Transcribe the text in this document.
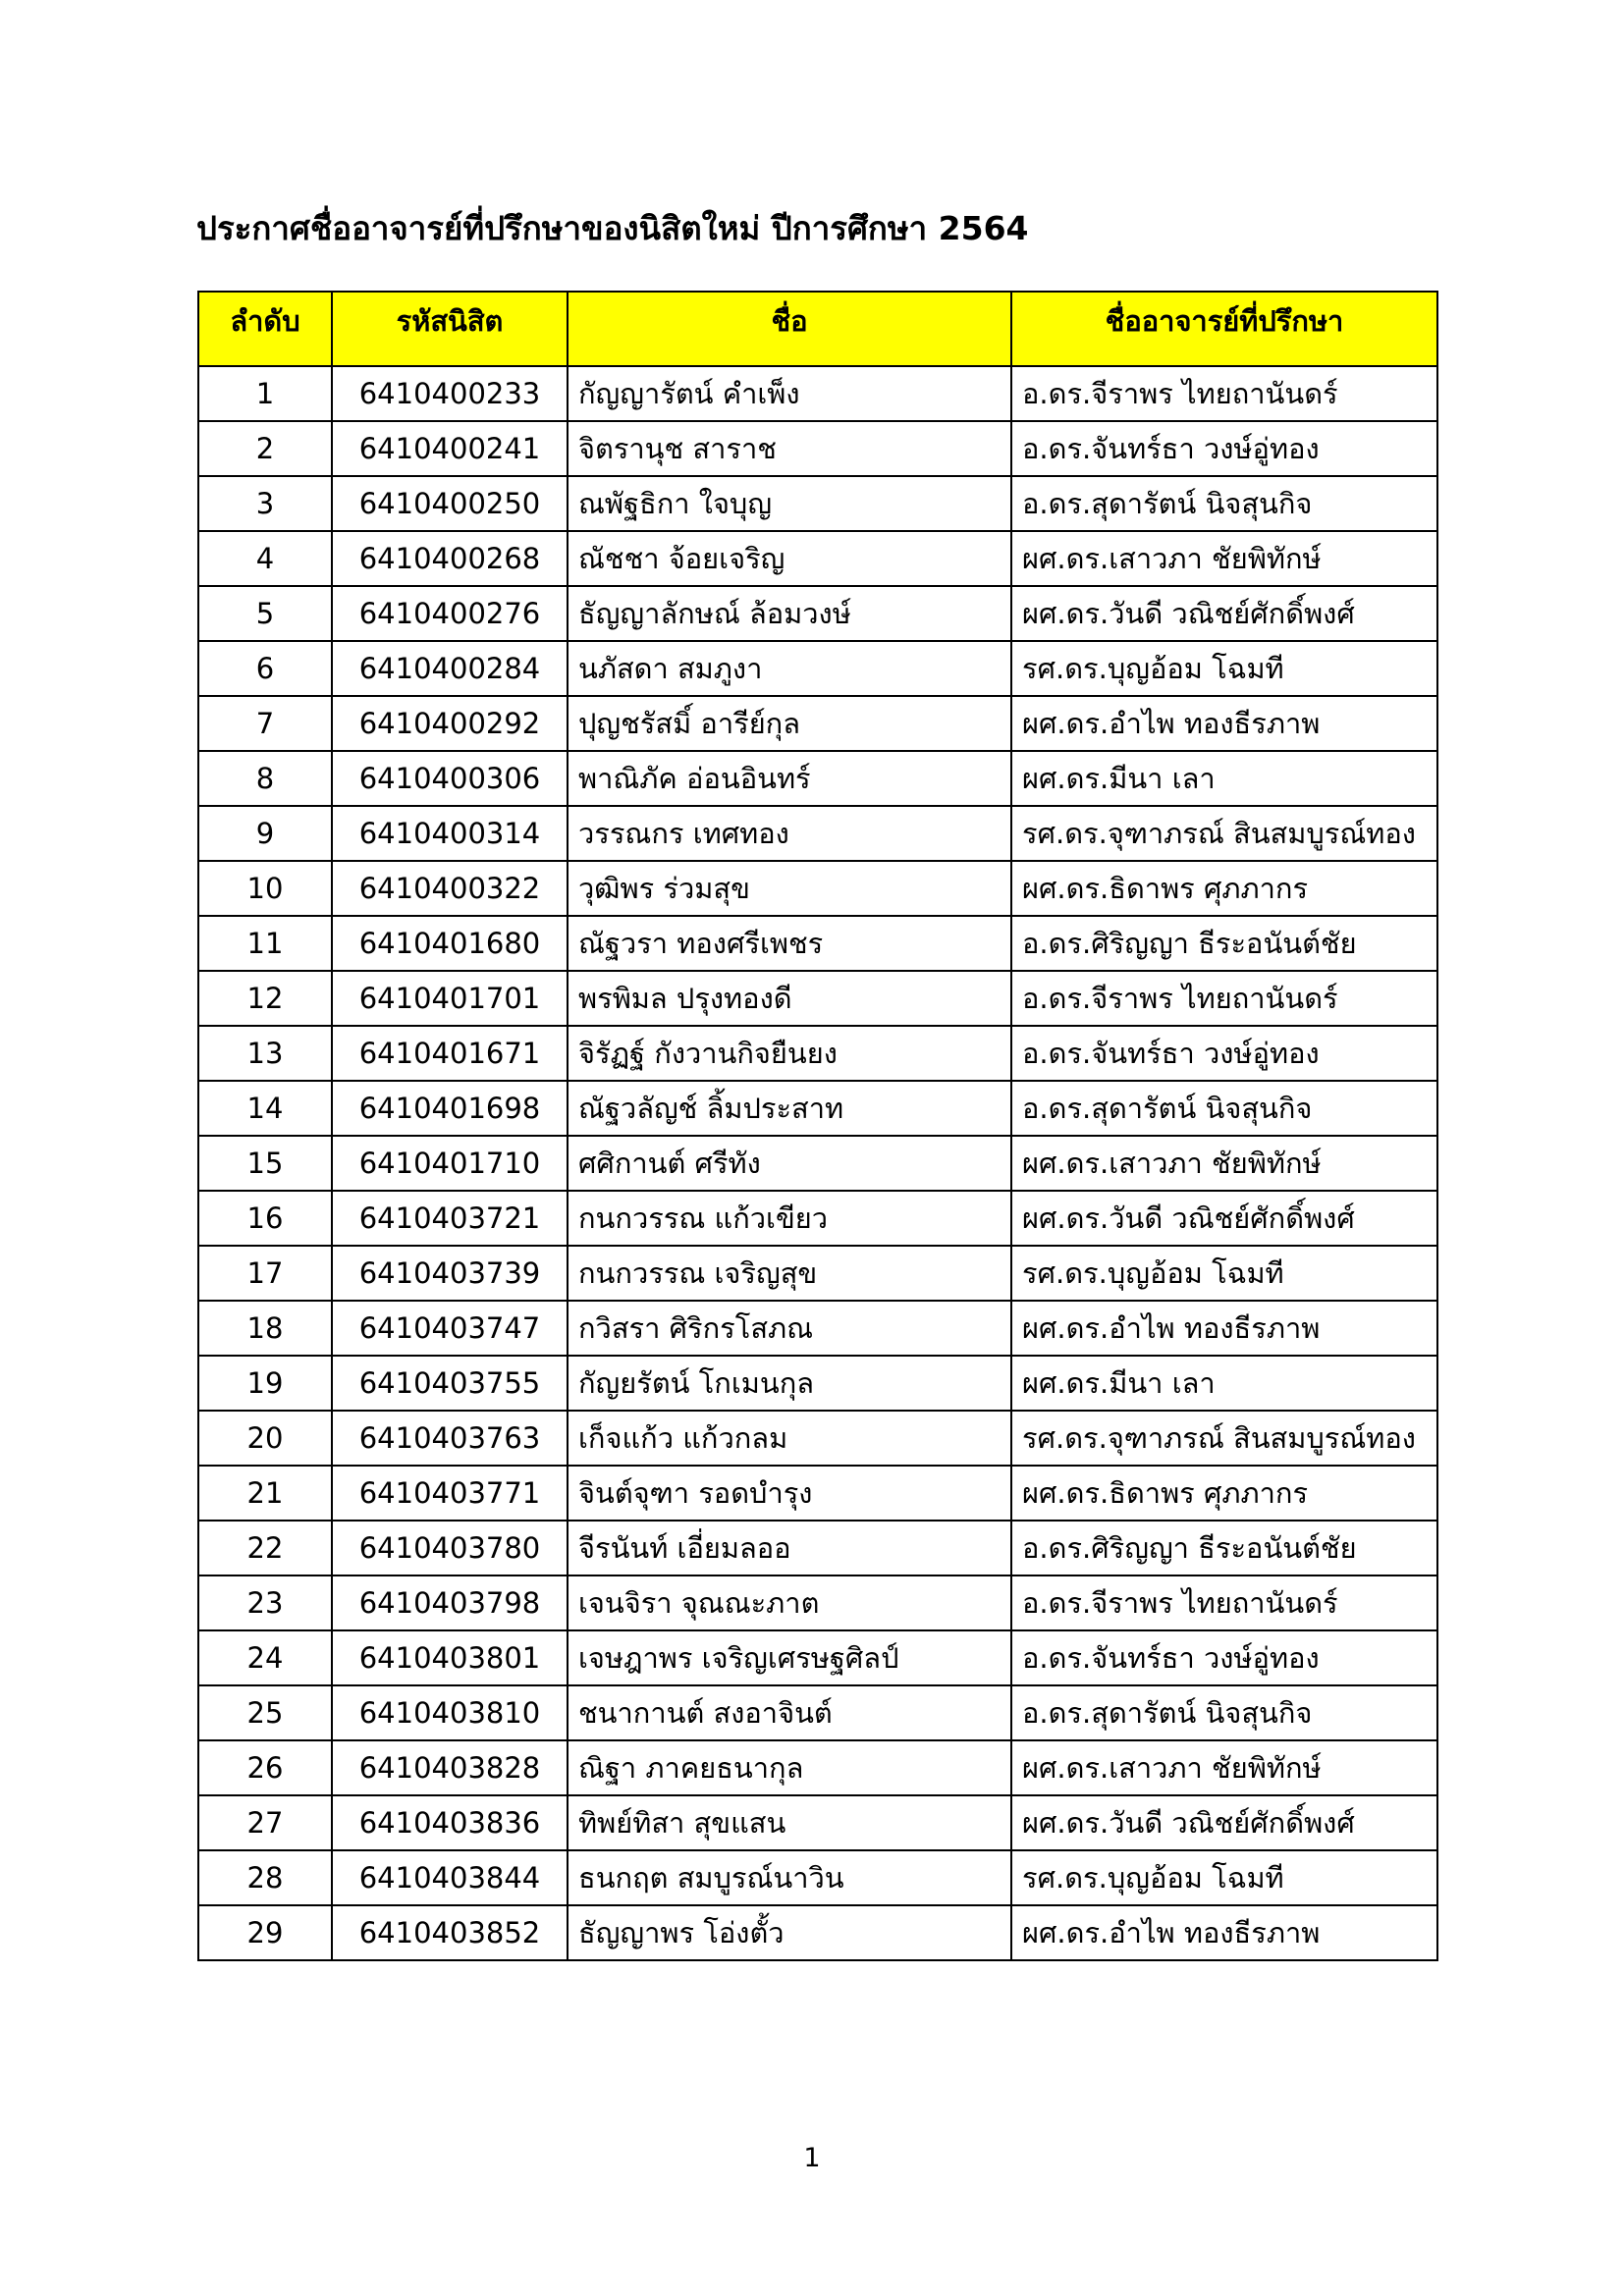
ประกาศชื่ออาจารย์ที่ปรึกษาของนิสิตใหม่ ปีการศึกษา 2564
ลำดับ	รหัสนิสิต	ชื่อ	ชื่ออาจารย์ที่ปรึกษา
1	6410400233	กัญญารัตน์ คำเพ็ง	อ.ดร.จีราพร ไทยถานันดร์
2	6410400241	จิตรานุช สาราช	อ.ดร.จันทร์ธา วงษ์อู่ทอง
3	6410400250	ณพัฐธิกา ใจบุญ	อ.ดร.สุดารัตน์ นิจสุนกิจ
4	6410400268	ณัชชา จ้อยเจริญ	ผศ.ดร.เสาวภา ชัยพิทักษ์
5	6410400276	ธัญญาลักษณ์ ล้อมวงษ์	ผศ.ดร.วันดี วณิชย์ศักดิ์พงศ์
6	6410400284	นภัสดา สมภูงา	รศ.ดร.บุญอ้อม โฉมที
7	6410400292	ปุญชรัสมิ์ อารีย์กุล	ผศ.ดร.อำไพ ทองธีรภาพ
8	6410400306	พาณิภัค อ่อนอินทร์	ผศ.ดร.มีนา เลา
9	6410400314	วรรณกร เทศทอง	รศ.ดร.จุฑาภรณ์ สินสมบูรณ์ทอง
10	6410400322	วุฒิพร ร่วมสุข	ผศ.ดร.ธิดาพร ศุภภากร
11	6410401680	ณัฐวรา ทองศรีเพชร	อ.ดร.ศิริญญา ธีระอนันต์ชัย
12	6410401701	พรพิมล ปรุงทองดี	อ.ดร.จีราพร ไทยถานันดร์
13	6410401671	จิรัฏฐ์ กังวานกิจยืนยง	อ.ดร.จันทร์ธา วงษ์อู่ทอง
14	6410401698	ณัฐวลัญช์ ลิ้มประสาท	อ.ดร.สุดารัตน์ นิจสุนกิจ
15	6410401710	ศศิกานต์ ศรีทัง	ผศ.ดร.เสาวภา ชัยพิทักษ์
16	6410403721	กนกวรรณ แก้วเขียว	ผศ.ดร.วันดี วณิชย์ศักดิ์พงศ์
17	6410403739	กนกวรรณ เจริญสุข	รศ.ดร.บุญอ้อม โฉมที
18	6410403747	กวิสรา ศิริกรโสภณ	ผศ.ดร.อำไพ ทองธีรภาพ
19	6410403755	กัญยรัตน์ โกเมนกุล	ผศ.ดร.มีนา เลา
20	6410403763	เก็จแก้ว แก้วกลม	รศ.ดร.จุฑาภรณ์ สินสมบูรณ์ทอง
21	6410403771	จินต์จุฑา รอดบำรุง	ผศ.ดร.ธิดาพร ศุภภากร
22	6410403780	จีรนันท์ เอี่ยมลออ	อ.ดร.ศิริญญา ธีระอนันต์ชัย
23	6410403798	เจนจิรา จุณณะภาต	อ.ดร.จีราพร ไทยถานันดร์
24	6410403801	เจษฎาพร เจริญเศรษฐศิลป์	อ.ดร.จันทร์ธา วงษ์อู่ทอง
25	6410403810	ชนากานต์ สงอาจินต์	อ.ดร.สุดารัตน์ นิจสุนกิจ
26	6410403828	ณิฐา ภาคยธนากุล	ผศ.ดร.เสาวภา ชัยพิทักษ์
27	6410403836	ทิพย์ทิสา สุขแสน	ผศ.ดร.วันดี วณิชย์ศักดิ์พงศ์
28	6410403844	ธนกฤต สมบูรณ์นาวิน	รศ.ดร.บุญอ้อม โฉมที
29	6410403852	ธัญญาพร โอ่งตั้ว	ผศ.ดร.อำไพ ทองธีรภาพ
1
